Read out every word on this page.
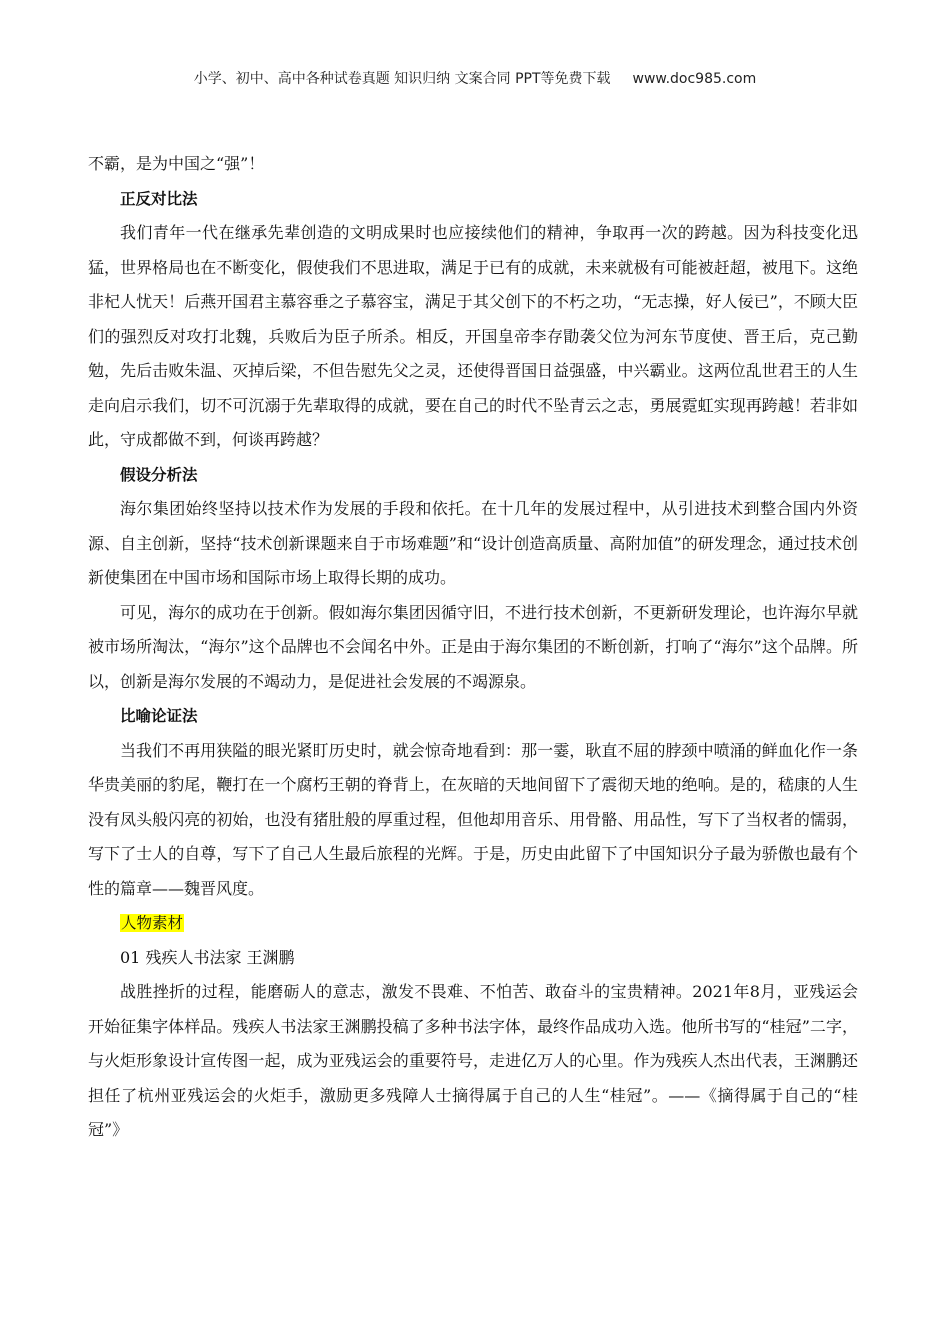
小学、初中、高中各种试卷真题 知识归纳 文案合同 PPT等免费下载 www.doc985.com

不霸，是为中国之“强”！

正反对比法

我们青年一代在继承先辈创造的文明成果时也应接续他们的精神，争取再一次的跨越。因为科技变化迅猛，世界格局也在不断变化，假使我们不思进取，满足于已有的成就，未来就极有可能被赶超，被甩下。这绝非杞人忧天！后燕开国君主慕容垂之子慕容宝，满足于其父创下的不朽之功，“无志操，好人佞已”，不顾大臣们的强烈反对攻打北魏，兵败后为臣子所杀。相反，开国皇帝李存勖袭父位为河东节度使、晋王后，克己勤勉，先后击败朱温、灭掉后梁，不但告慰先父之灵，还使得晋国日益强盛，中兴霸业。这两位乱世君王的人生走向启示我们，切不可沉溺于先辈取得的成就，要在自己的时代不坠青云之志，勇展霓虹实现再跨越！若非如此，守成都做不到，何谈再跨越？

假设分析法

海尔集团始终坚持以技术作为发展的手段和依托。在十几年的发展过程中，从引进技术到整合国内外资源、自主创新，坚持“技术创新课题来自于市场难题”和“设计创造高质量、高附加值”的研发理念，通过技术创新使集团在中国市场和国际市场上取得长期的成功。

可见，海尔的成功在于创新。假如海尔集团因循守旧，不进行技术创新，不更新研发理论，也许海尔早就被市场所淘汰，“海尔”这个品牌也不会闻名中外。正是由于海尔集团的不断创新，打响了“海尔”这个品牌。所以，创新是海尔发展的不竭动力，是促进社会发展的不竭源泉。

比喻论证法

当我们不再用狭隘的眼光紧盯历史时，就会惊奇地看到：那一霎，耿直不屈的脖颈中喷涌的鲜血化作一条华贵美丽的豹尾，鞭打在一个腐朽王朝的脊背上，在灰暗的天地间留下了震彻天地的绝响。是的，嵇康的人生没有凤头般闪亮的初始，也没有猪肚般的厚重过程，但他却用音乐、用骨骼、用品性，写下了当权者的懦弱，写下了士人的自尊，写下了自己人生最后旅程的光辉。于是，历史由此留下了中国知识分子最为骄傲也最有个性的篇章——魏晋风度。

人物素材

01 残疾人书法家 王渊鹏

战胜挫折的过程，能磨砺人的意志，激发不畏难、不怕苦、敢奋斗的宝贵精神。2021年8月，亚残运会开始征集字体样品。残疾人书法家王渊鹏投稿了多种书法字体，最终作品成功入选。他所书写的“桂冠”二字，与火炬形象设计宣传图一起，成为亚残运会的重要符号，走进亿万人的心里。作为残疾人杰出代表，王渊鹏还担任了杭州亚残运会的火炬手，激励更多残障人士摘得属于自己的人生“桂冠”。——《摘得属于自己的“桂冠”》
